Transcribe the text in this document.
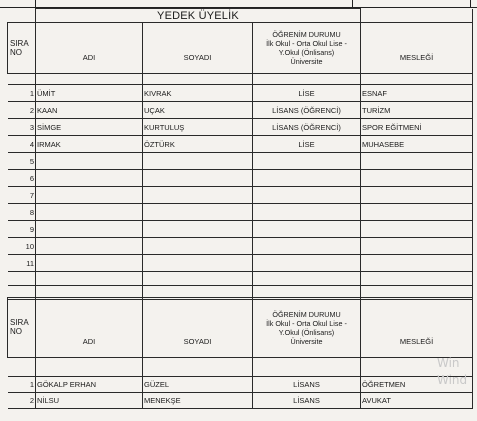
	YEDEK ÜYELİK			
SIRA
NO	ADI	SOYADI	ÖĞRENİM DURUMU
İlk Okul - Orta Okul Lise -
Y.Okul (Önlisans)
Üniversite	MESLEĞİ

1	ÜMİT	KIVRAK	LİSE	ESNAF
2	KAAN	UÇAK	LİSANS (ÖĞRENCİ)	TURİZM
3	SİMGE	KURTULUŞ	LİSANS (ÖĞRENCİ)	SPOR EĞİTMENİ
4	IRMAK	ÖZTÜRK	LİSE	MUHASEBE
5				
6				
7				
8				
9				
10				
11				

SIRA
NO	ADI	SOYADI	ÖĞRENİM DURUMU
İlk Okul - Orta Okul Lise -
Y.Okul (Önlisans)
Üniversite	MESLEĞİ

1	GÖKALP ERHAN	GÜZEL	LİSANS	ÖĞRETMEN
2	NİLSU	MENEKŞE	LİSANS	AVUKAT
Win
Wind
